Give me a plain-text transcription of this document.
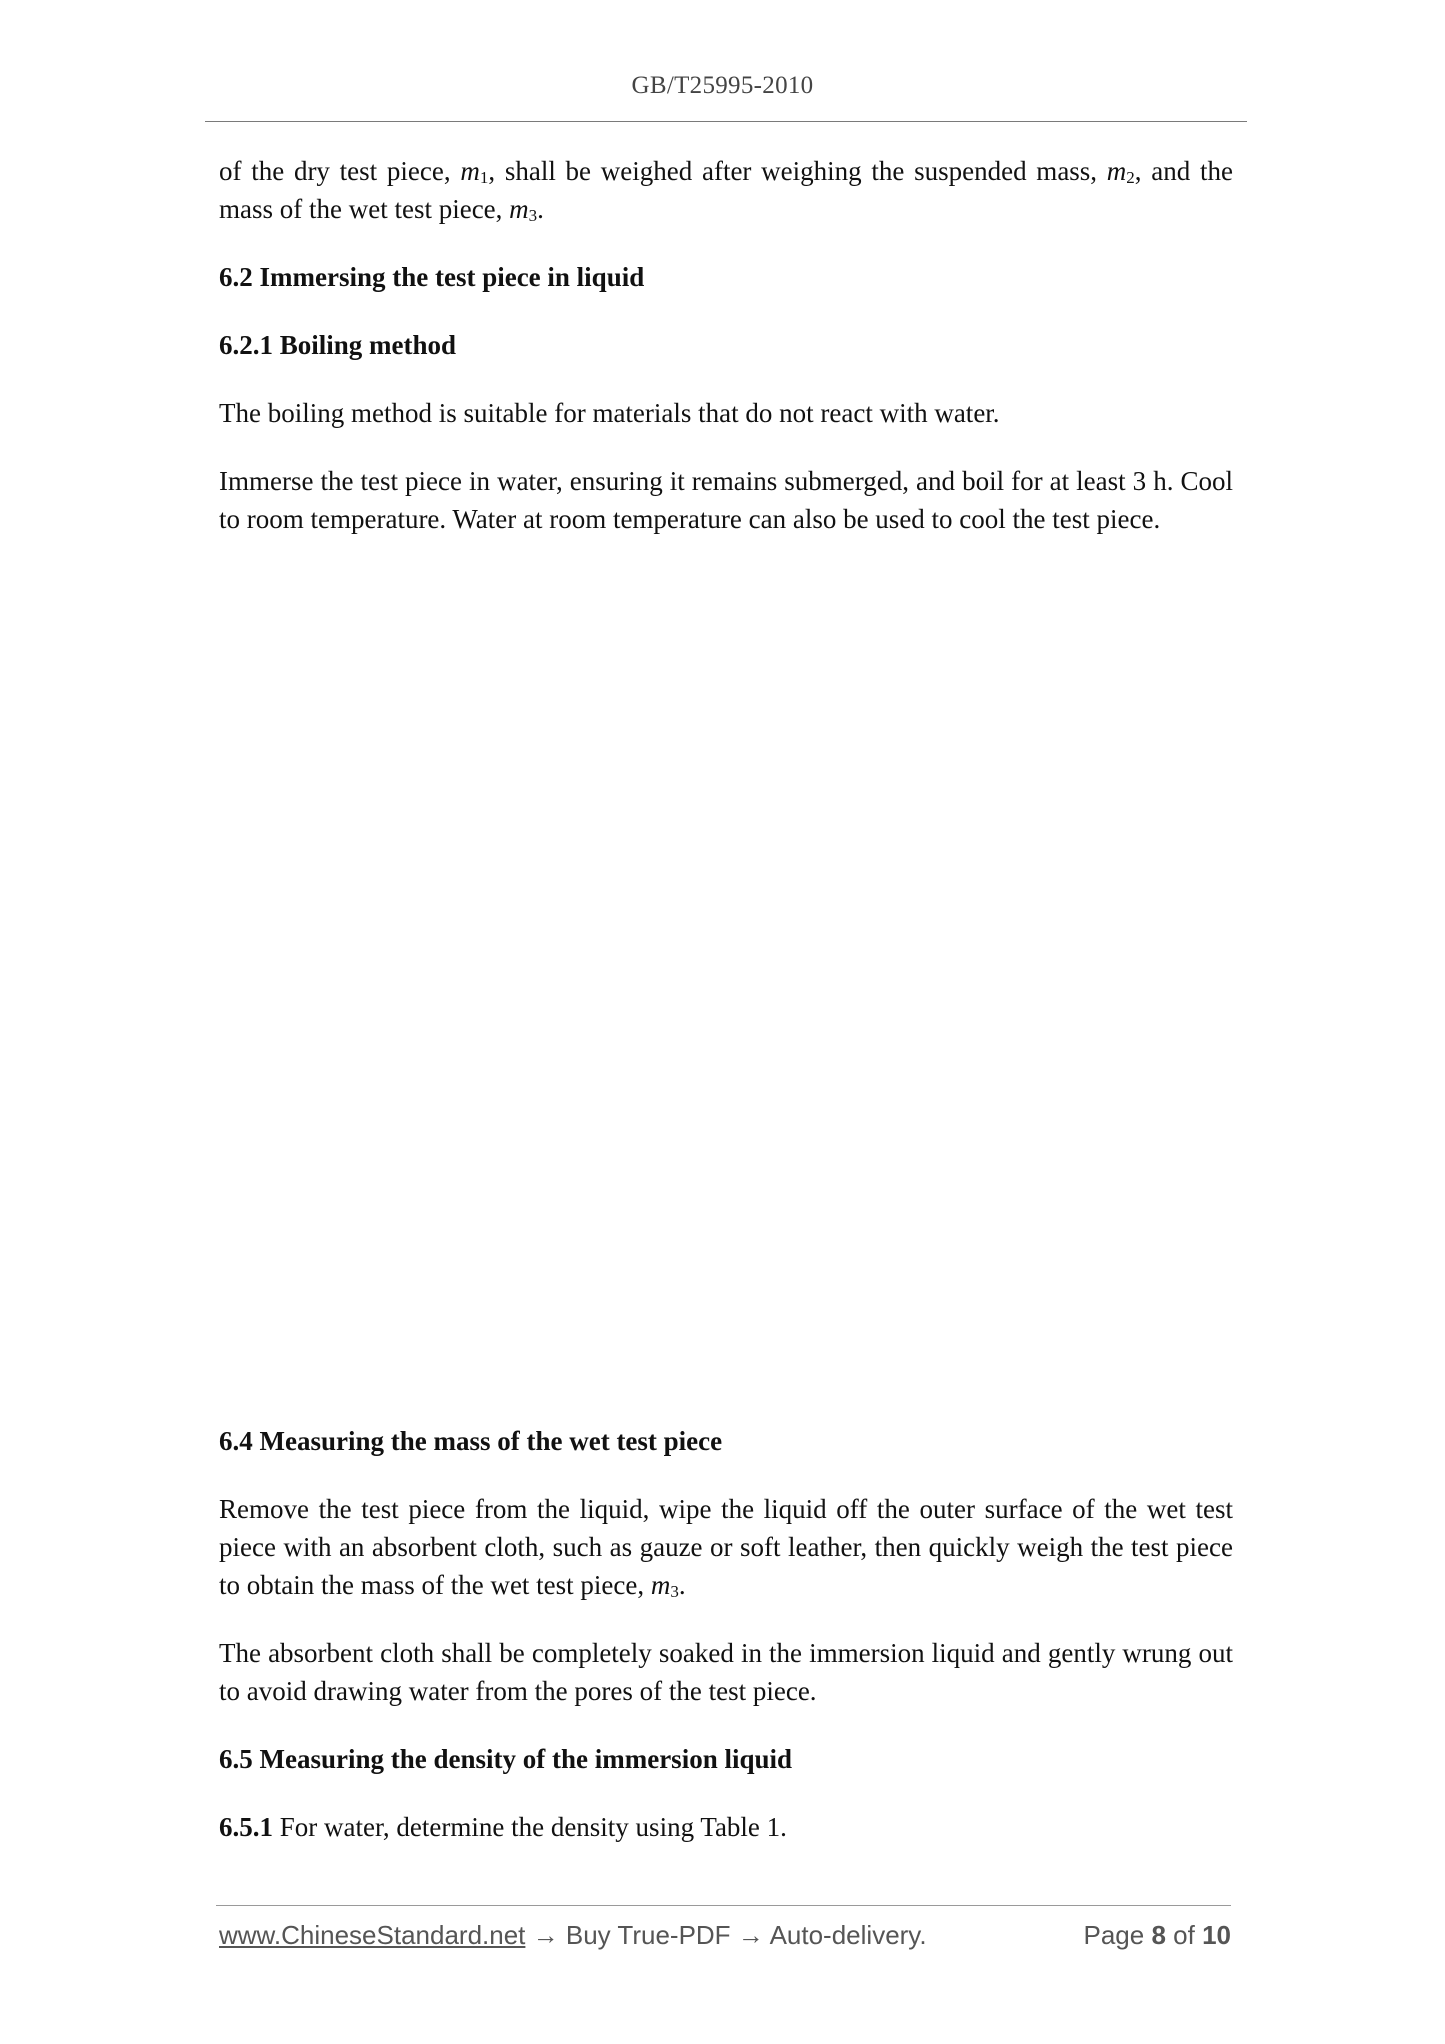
GB/T25995-2010

of the dry test piece, $m_1$, shall be weighed after weighing the suspended mass, $m_2$, and the mass of the wet test piece, $m_3$.

6.2 Immersing the test piece in liquid

6.2.1 Boiling method

The boiling method is suitable for materials that do not react with water.

Immerse the test piece in water, ensuring it remains submerged, and boil for at least 3 h. Cool to room temperature. Water at room temperature can also be used to cool the test piece.

6.4 Measuring the mass of the wet test piece

Remove the test piece from the liquid, wipe the liquid off the outer surface of the wet test piece with an absorbent cloth, such as gauze or soft leather, then quickly weigh the test piece to obtain the mass of the wet test piece, $m_3$.

The absorbent cloth shall be completely soaked in the immersion liquid and gently wrung out to avoid drawing water from the pores of the test piece.

6.5 Measuring the density of the immersion liquid

6.5.1 For water, determine the density using Table 1.

www.ChineseStandard.net → Buy True-PDF → Auto-delivery.	Page 8 of 10
